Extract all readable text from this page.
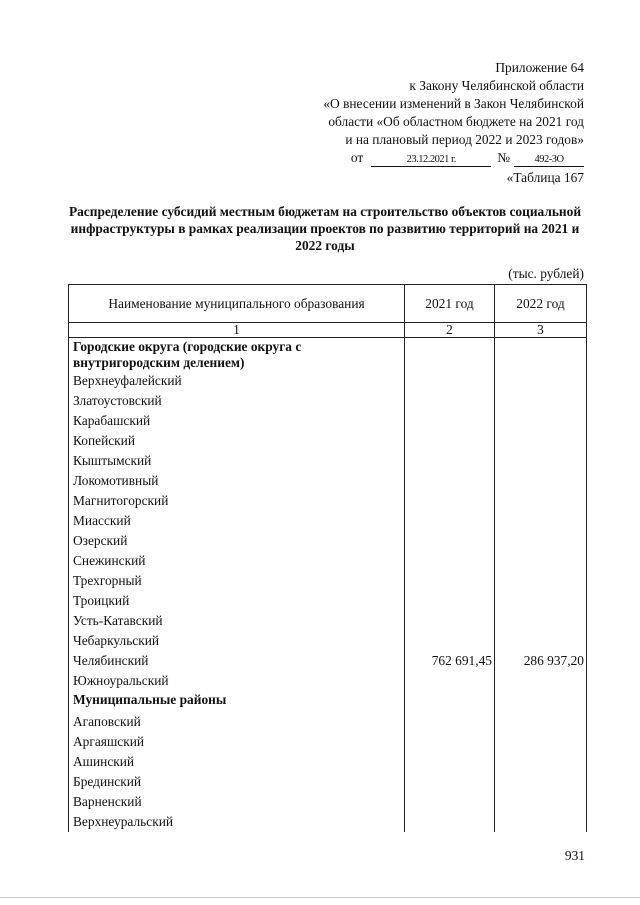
Приложение 64
к Закону Челябинской области
«О внесении изменений в Закон Челябинской
области «Об областном бюджете на 2021 год
и на плановый период 2022 и 2023 годов»
от	23.12.2021 г.	№ 492-ЗО
«Таблица 167
Распределение субсидий местным бюджетам на строительство объектов социальной инфраструктуры в рамках реализации проектов по развитию территорий на 2021 и 2022 годы
(тыс. рублей)
Наименование муниципального образования	2021 год	2022 год
1	2	3
Городские округа (городские округа с внутригородским делением)		
Верхнеуфалейский		
Златоустовский		
Карабашский		
Копейский		
Кыштымский		
Локомотивный		
Магнитогорский		
Миасский		
Озерский		
Снежинский		
Трехгорный		
Троицкий		
Усть-Катавский		
Чебаркульский		
Челябинский	762 691,45	286 937,20
Южноуральский		
Муниципальные районы		
Агаповский		
Аргаяшский		
Ашинский		
Брединский		
Варненский		
Верхнеуральский		
931
